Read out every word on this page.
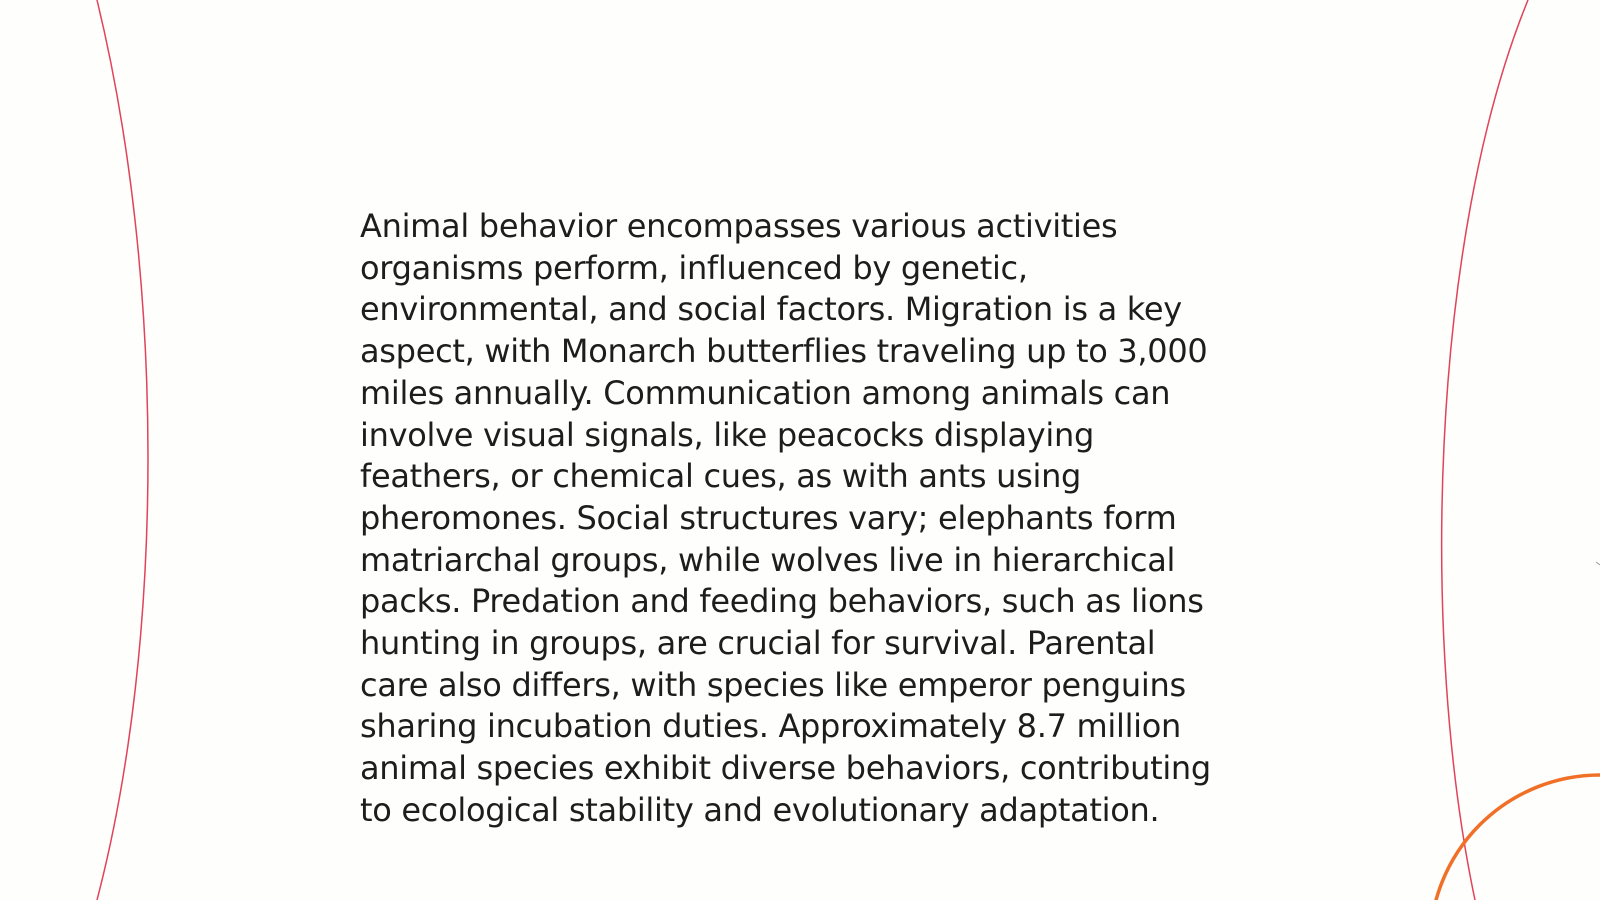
Animal behavior encompasses various activities
organisms perform, influenced by genetic,
environmental, and social factors. Migration is a key
aspect, with Monarch butterflies traveling up to 3,000
miles annually. Communication among animals can
involve visual signals, like peacocks displaying
feathers, or chemical cues, as with ants using
pheromones. Social structures vary; elephants form
matriarchal groups, while wolves live in hierarchical
packs. Predation and feeding behaviors, such as lions
hunting in groups, are crucial for survival. Parental
care also differs, with species like emperor penguins
sharing incubation duties. Approximately 8.7 million
animal species exhibit diverse behaviors, contributing
to ecological stability and evolutionary adaptation.
